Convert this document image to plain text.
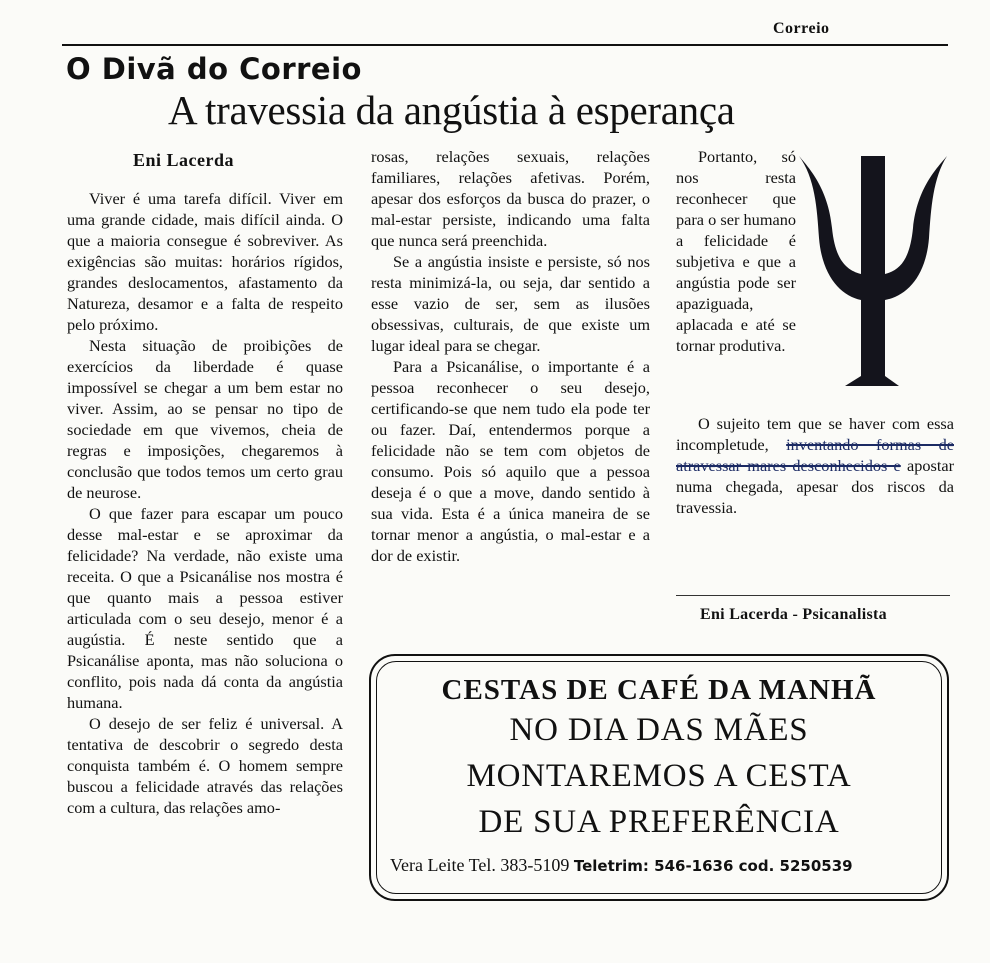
Correio
O Divã do Correio
A travessia da angústia à esperança
Eni Lacerda

Viver é uma tarefa difícil. Viver em uma grande cidade, mais difícil ainda. O que a maioria consegue é sobreviver. As exigências são muitas: horários rígidos, grandes deslocamentos, afastamento da Natureza, desamor e a falta de respeito pelo próximo.

Nesta situação de proibições de exercícios da liberdade é quase impossível se chegar a um bem estar no viver. Assim, ao se pensar no tipo de sociedade em que vivemos, cheia de regras e imposições, chegaremos à conclusão que todos temos um certo grau de neurose.

O que fazer para escapar um pouco desse mal-estar e se aproximar da felicidade? Na verdade, não existe uma receita. O que a Psicanálise nos mostra é que quanto mais a pessoa estiver articulada com o seu desejo, menor é a augústia. É neste sentido que a Psicanálise aponta, mas não soluciona o conflito, pois nada dá conta da angústia humana.

O desejo de ser feliz é universal. A tentativa de descobrir o segredo desta conquista também é. O homem sempre buscou a felicidade através das relações com a cultura, das relações amo-

rosas, relações sexuais, relações familiares, relações afetivas. Porém, apesar dos esforços da busca do prazer, o mal-estar persiste, indicando uma falta que nunca será preenchida.

Se a angústia insiste e persiste, só nos resta minimizá-la, ou seja, dar sentido a esse vazio de ser, sem as ilusões obsessivas, culturais, de que existe um lugar ideal para se chegar.

Para a Psicanálise, o importante é a pessoa reconhecer o seu desejo, certificando-se que nem tudo ela pode ter ou fazer. Daí, entendermos porque a felicidade não se tem com objetos de consumo. Pois só aquilo que a pessoa deseja é o que a move, dando sentido à sua vida. Esta é a única maneira de se tornar menor a angústia, o mal-estar e a dor de existir.

Portanto, só nos resta reconhecer que para o ser humano a felicidade é subjetiva e que a angústia pode ser apaziguada, aplacada e até se tornar produtiva.

O sujeito tem que se haver com essa incompletude, inventando formas de atravessar mares desconhecidos e apostar numa chegada, apesar dos riscos da travessia.

Eni Lacerda - Psicanalista
CESTAS DE CAFÉ DA MANHÃ
NO DIA DAS MÃES
MONTAREMOS A CESTA
DE SUA PREFERÊNCIA
Vera Leite Tel. 383-5109 Teletrim: 546-1636 cod. 5250539
